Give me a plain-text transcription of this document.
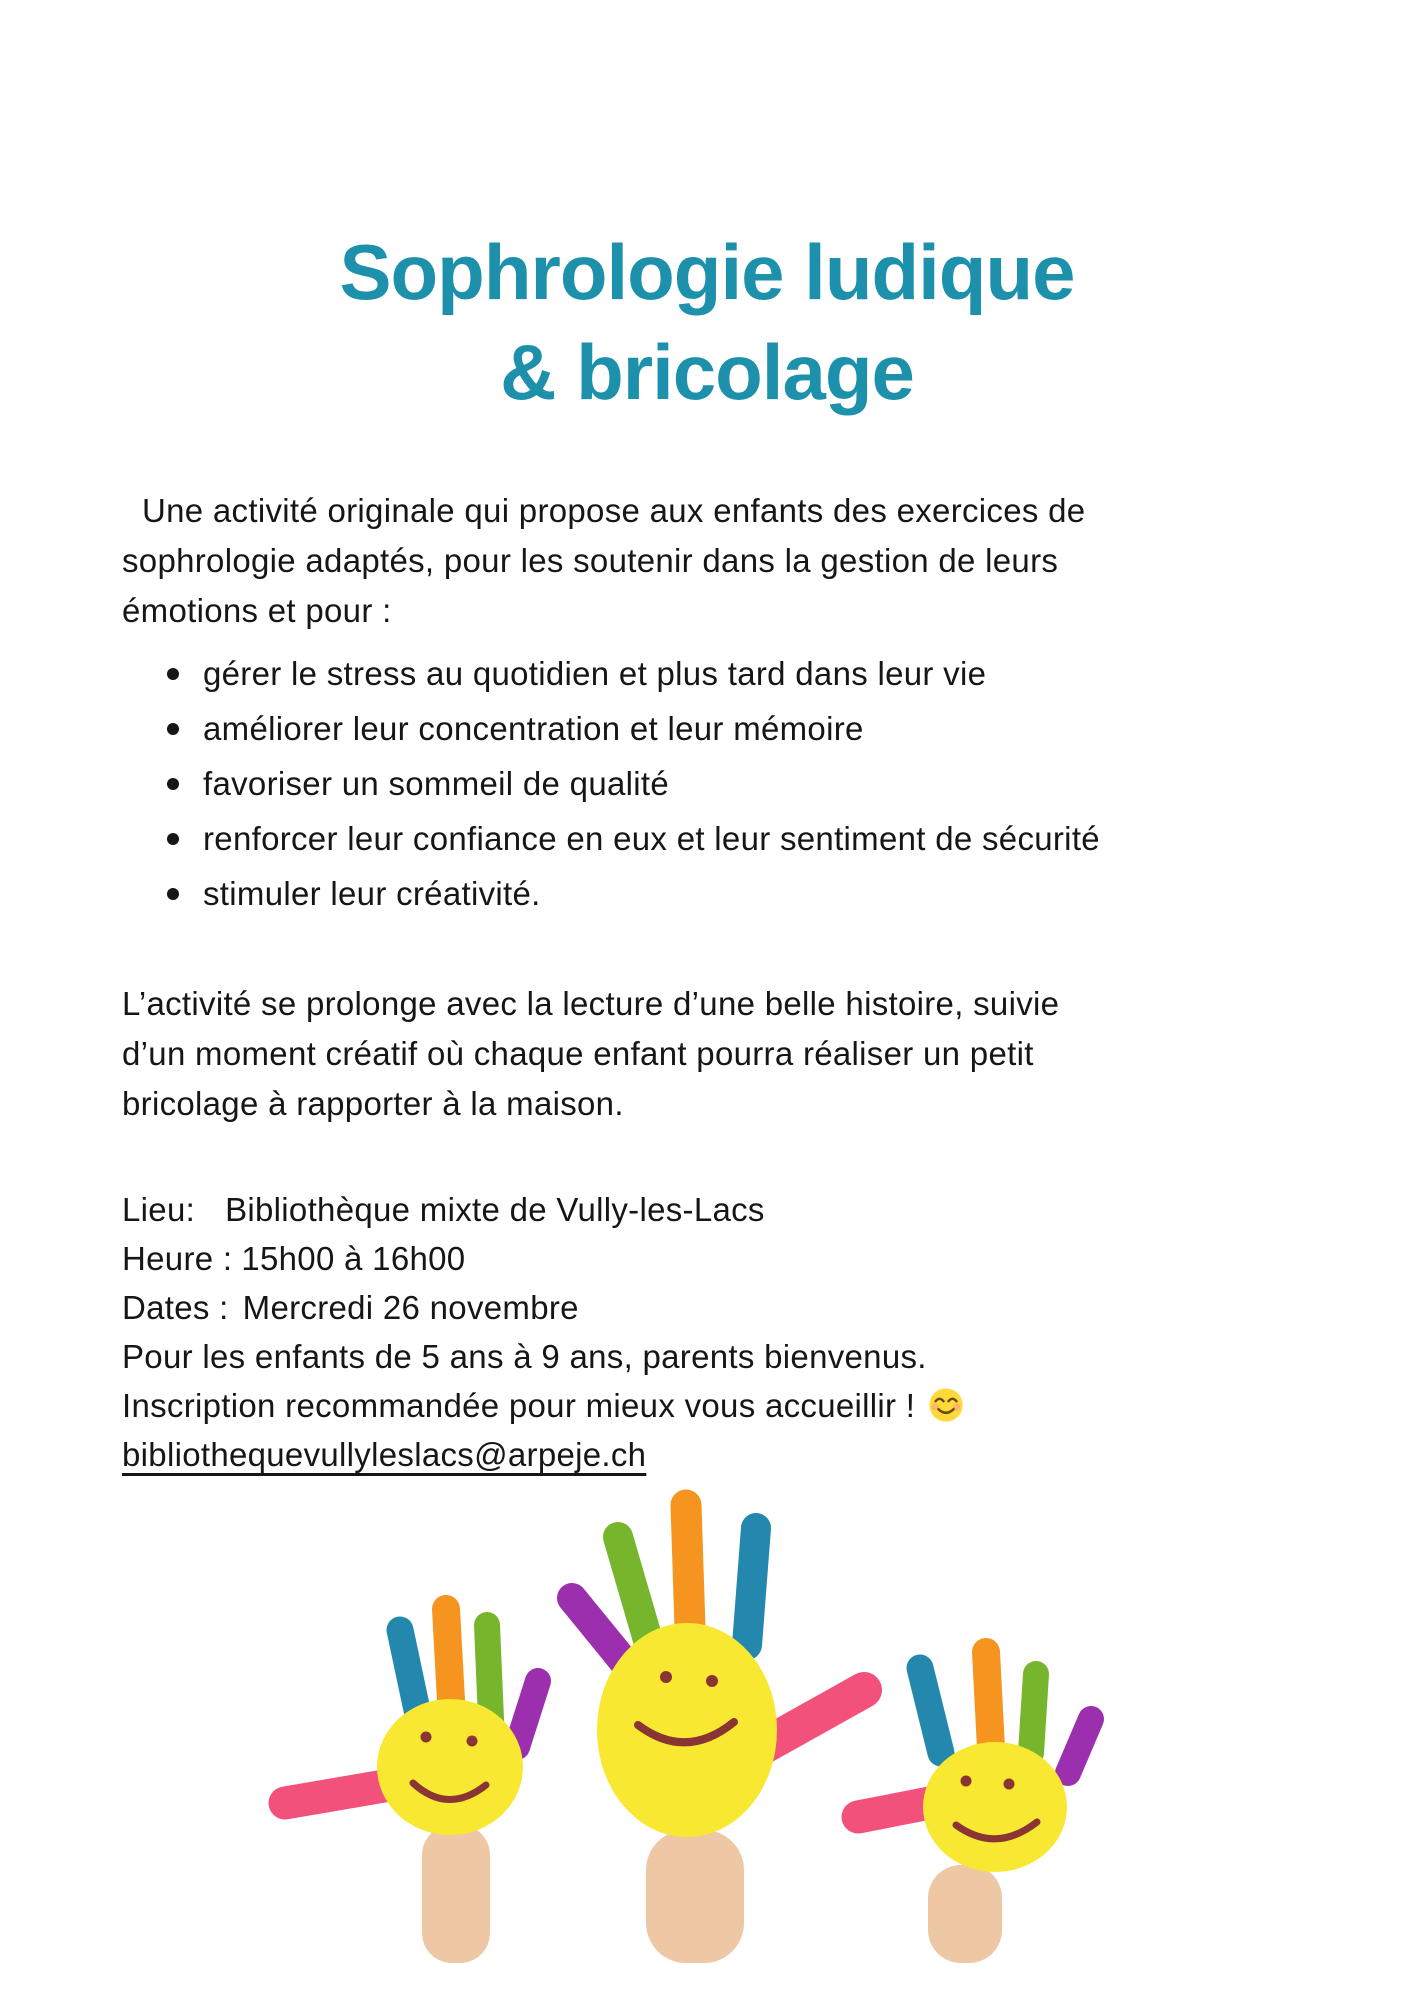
Sophrologie ludique
& bricolage
Une activité originale qui propose aux enfants des exercices de
sophrologie adaptés, pour les soutenir dans la gestion de leurs
émotions et pour :
gérer le stress au quotidien et plus tard dans leur vie
améliorer leur concentration et leur mémoire
favoriser un sommeil de qualité
renforcer leur confiance en eux et leur sentiment de sécurité
stimuler leur créativité.
L’activité se prolonge avec la lecture d’une belle histoire, suivie
d’un moment créatif où chaque enfant pourra réaliser un petit
bricolage à rapporter à la maison.
Lieu: Bibliothèque mixte de Vully-les-Lacs
Heure : 15h00 à 16h00
Dates : Mercredi 26 novembre
Pour les enfants de 5 ans à 9 ans, parents bienvenus.
Inscription recommandée pour mieux vous accueillir !
bibliothequevullyleslacs@arpeje.ch
